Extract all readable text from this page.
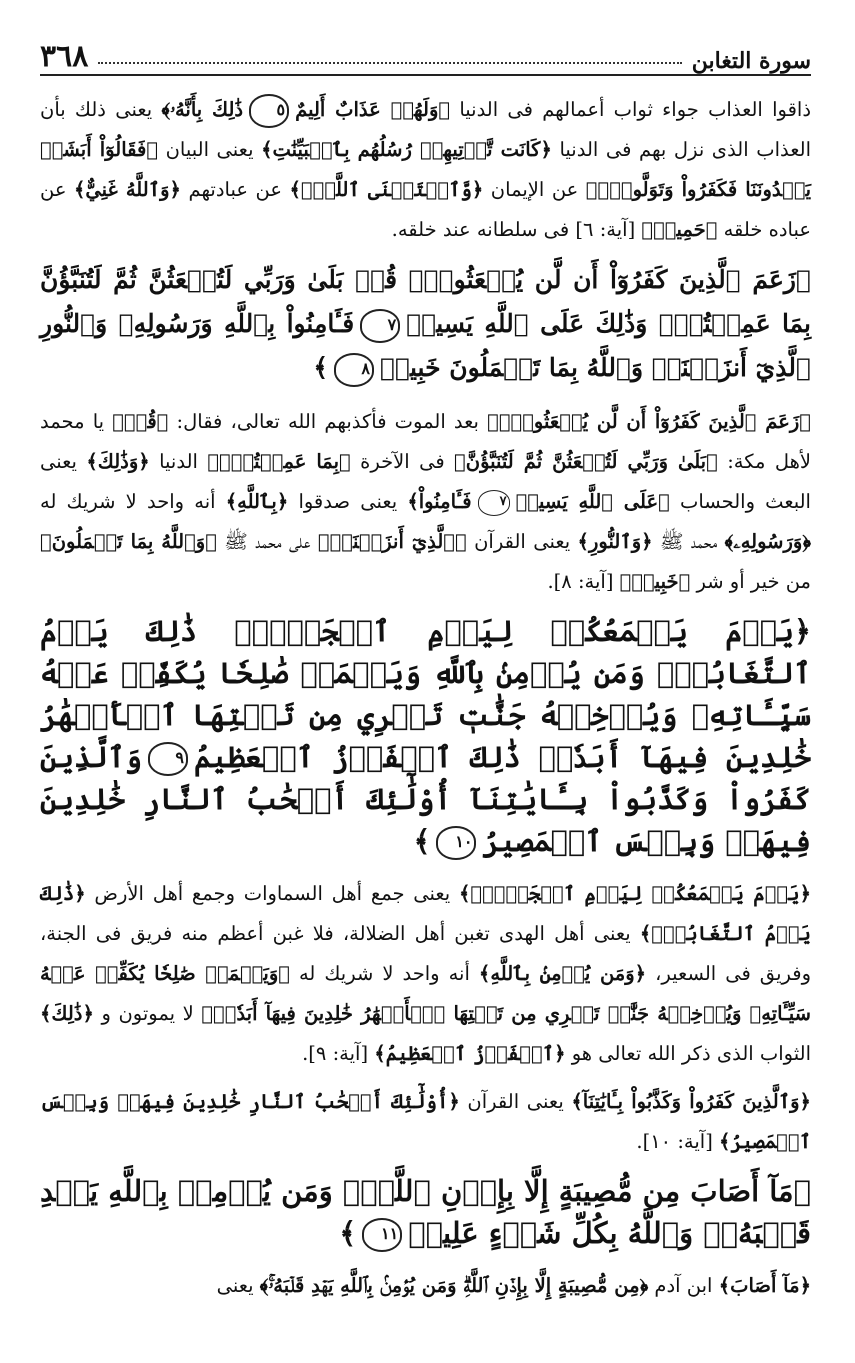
سورة التغابن
٣٦٨

ذاقوا العذاب جواء ثواب أعمالهم فى الدنيا ﴿وَلَهُمۡ عَذَابٌ أَلِيمٌ٥ذَٰلِكَ بِأَنَّهُۥ﴾ يعنى ذلك بأن العذاب الذى نزل بهم فى الدنيا ﴿كَانَت تَّأۡتِيهِمۡ رُسُلُهُم بِٱلۡبَيِّنَٰتِ﴾ يعنى البيان ﴿فَقَالُوٓاْ أَبَشَرٞ يَهۡدُونَنَا فَكَفَرُواْ وَتَوَلَّواْۚ﴾ عن الإيمان ﴿وَّٱسۡتَغۡنَى ٱللَّهُۚ﴾ عن عبادتهم ﴿وَٱللَّهُ غَنِيٌّ﴾ عن عباده خلقه ﴿حَمِيدٞ﴾ [آية: ٦] فى سلطانه عند خلقه.

﴿زَعَمَ ٱلَّذِينَ كَفَرُوٓاْ أَن لَّن يُبۡعَثُواْۚ قُلۡ بَلَىٰ وَرَبِّي لَتُبۡعَثُنَّ ثُمَّ لَتُنَبَّؤُنَّ بِمَا عَمِلۡتُمۡۚ وَذَٰلِكَ عَلَى ٱللَّهِ يَسِيرٞ٧فَـَٔامِنُواْ بِٱللَّهِ وَرَسُولِهِۦ وَٱلنُّورِ ٱلَّذِيٓ أَنزَلۡنَاۚ وَٱللَّهُ بِمَا تَعۡمَلُونَ خَبِيرٞ٨﴾

﴿زَعَمَ ٱلَّذِينَ كَفَرُوٓاْ أَن لَّن يُبۡعَثُواْۚ﴾ بعد الموت فأكذبهم الله تعالى، فقال: ﴿قُلۡ﴾ يا محمد لأهل مكة: ﴿بَلَىٰ وَرَبِّي لَتُبۡعَثُنَّ ثُمَّ لَتُنَبَّؤُنَّ﴾ فى الآخرة ﴿بِمَا عَمِلۡتُمۡۚ﴾ الدنيا ﴿وَذَٰلِكَ﴾ يعنى البعث والحساب ﴿عَلَى ٱللَّهِ يَسِيرٞ٧فَـَٔامِنُواْ﴾ يعنى صدقوا ﴿بِٱللَّهِ﴾ أنه واحد لا شريك له ﴿وَرَسُولِهِۦ﴾ محمد ﷺ ﴿وَٱلنُّورِ﴾ يعنى القرآن ﴿ٱلَّذِيٓ أَنزَلۡنَاۚ﴾ على محمد ﷺ ﴿وَٱللَّهُ بِمَا تَعۡمَلُونَ﴾ من خير أو شر ﴿خَبِيرٞ﴾ [آية: ٨].

﴿يَوۡمَ يَجۡمَعُكُمۡ لِيَوۡمِ ٱلۡجَمۡعِۖ ذَٰلِكَ يَوۡمُ ٱلتَّغَابُنِۗ وَمَن يُؤۡمِنۢ بِٱللَّهِ وَيَعۡمَلۡ صَٰلِحٗا يُكَفِّرۡ عَنۡهُ سَيِّـَٔاتِهِۦ وَيُدۡخِلۡهُ جَنَّٰتٖ تَجۡرِي مِن تَحۡتِهَا ٱلۡأَنۡهَٰرُ خَٰلِدِينَ فِيهَآ أَبَدٗاۚ ذَٰلِكَ ٱلۡفَوۡزُ ٱلۡعَظِيمُ٩وَٱلَّذِينَ كَفَرُواْ وَكَذَّبُواْ بِـَٔايَٰتِنَآ أُوْلَٰٓئِكَ أَصۡحَٰبُ ٱلنَّارِ خَٰلِدِينَ فِيهَاۖ وَبِئۡسَ ٱلۡمَصِيرُ١٠﴾

﴿يَوۡمَ يَجۡمَعُكُمۡ لِيَوۡمِ ٱلۡجَمۡعِۖ﴾ يعنى جمع أهل السماوات وجمع أهل الأرض ﴿ذَٰلِكَ يَوۡمُ ٱلتَّغَابُنِۗ﴾ يعنى أهل الهدى تغبن أهل الضلالة، فلا غبن أعظم منه فريق فى الجنة، وفريق فى السعير، ﴿وَمَن يُؤۡمِنۢ بِٱللَّهِ﴾ أنه واحد لا شريك له ﴿وَيَعۡمَلۡ صَٰلِحٗا يُكَفِّرۡ عَنۡهُ سَيِّـَٔاتِهِۦ وَيُدۡخِلۡهُ جَنَّٰتٖ تَجۡرِي مِن تَحۡتِهَا ٱلۡأَنۡهَٰرُ خَٰلِدِينَ فِيهَآ أَبَدٗاۚ﴾ لا يموتون و ﴿ذَٰلِكَ﴾ الثواب الذى ذكر الله تعالى هو ﴿ٱلۡفَوۡزُ ٱلۡعَظِيمُ﴾ [آية: ٩].

﴿وَٱلَّذِينَ كَفَرُواْ وَكَذَّبُواْ بِـَٔايَٰتِنَآ﴾ يعنى القرآن ﴿أُوْلَٰٓئِكَ أَصۡحَٰبُ ٱلنَّارِ خَٰلِدِينَ فِيهَاۖ وَبِئۡسَ ٱلۡمَصِيرُ﴾ [آية: ١٠].

﴿مَآ أَصَابَ مِن مُّصِيبَةٍ إِلَّا بِإِذۡنِ ٱللَّهِۗ وَمَن يُؤۡمِنۢ بِٱللَّهِ يَهۡدِ قَلۡبَهُۥۚ وَٱللَّهُ بِكُلِّ شَيۡءٍ عَلِيمٞ١١﴾

﴿مَآ أَصَابَ﴾ ابن آدم ﴿مِن مُّصِيبَةٍ إِلَّا بِإِذۡنِ ٱللَّهِۗ وَمَن يُؤۡمِنۢ بِٱللَّهِ يَهۡدِ قَلۡبَهُۥۚ﴾ يعنى
